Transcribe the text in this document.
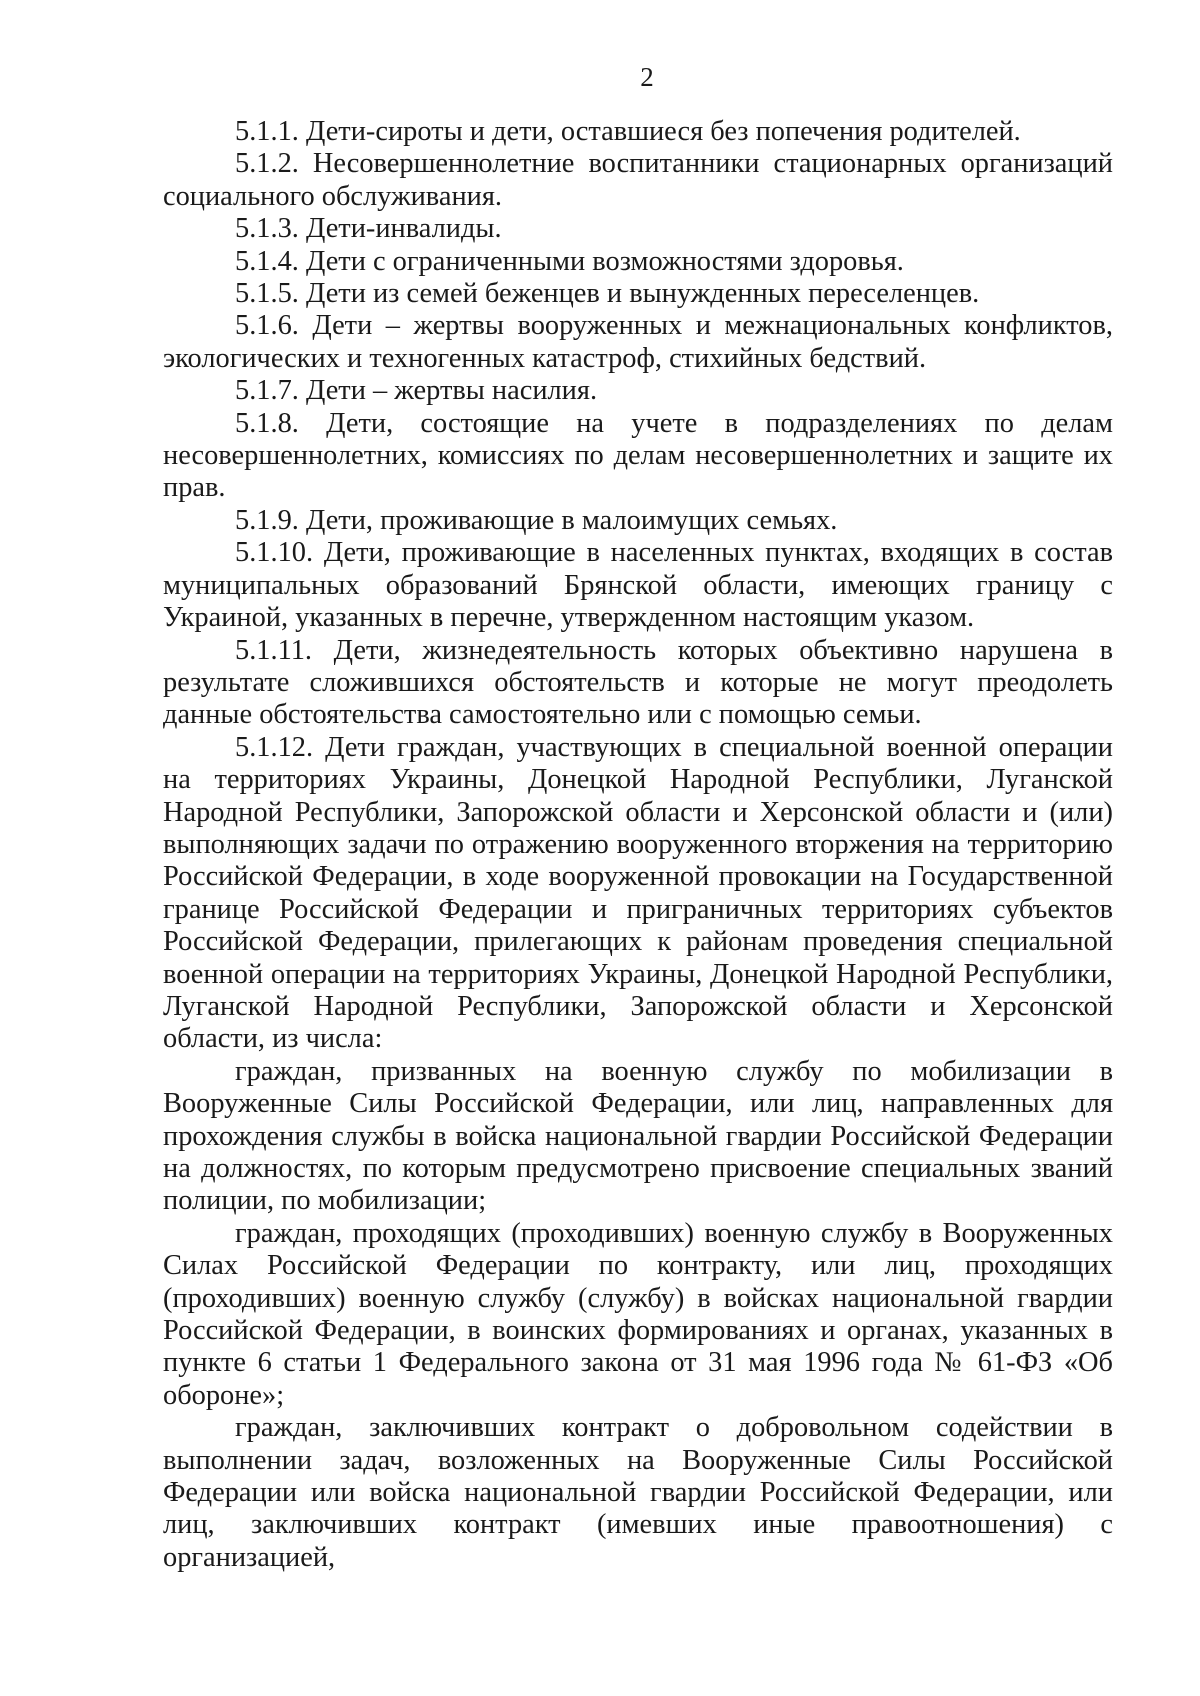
2

5.1.1. Дети-сироты и дети, оставшиеся без попечения родителей.

5.1.2. Несовершеннолетние воспитанники стационарных организаций социального обслуживания.

5.1.3. Дети-инвалиды.

5.1.4. Дети с ограниченными возможностями здоровья.

5.1.5. Дети из семей беженцев и вынужденных переселенцев.

5.1.6. Дети – жертвы вооруженных и межнациональных конфликтов, экологических и техногенных катастроф, стихийных бедствий.

5.1.7. Дети – жертвы насилия.

5.1.8. Дети, состоящие на учете в подразделениях по делам несовершеннолетних, комиссиях по делам несовершеннолетних и защите их прав.

5.1.9. Дети, проживающие в малоимущих семьях.

5.1.10. Дети, проживающие в населенных пунктах, входящих в состав муниципальных образований Брянской области, имеющих границу с Украиной, указанных в перечне, утвержденном настоящим указом.

5.1.11. Дети, жизнедеятельность которых объективно нарушена в результате сложившихся обстоятельств и которые не могут преодолеть данные обстоятельства самостоятельно или с помощью семьи.

5.1.12. Дети граждан, участвующих в специальной военной операции на территориях Украины, Донецкой Народной Республики, Луганской Народной Республики, Запорожской области и Херсонской области и (или) выполняющих задачи по отражению вооруженного вторжения на территорию Российской Федерации, в ходе вооруженной провокации на Государственной границе Российской Федерации и приграничных территориях субъектов Российской Федерации, прилегающих к районам проведения специальной военной операции на территориях Украины, Донецкой Народной Республики, Луганской Народной Республики, Запорожской области и Херсонской области, из числа:

граждан, призванных на военную службу по мобилизации в Вооруженные Силы Российской Федерации, или лиц, направленных для прохождения службы в войска национальной гвардии Российской Федерации на должностях, по которым предусмотрено присвоение специальных званий полиции, по мобилизации;

граждан, проходящих (проходивших) военную службу в Вооруженных Силах Российской Федерации по контракту, или лиц, проходящих (проходивших) военную службу (службу) в войсках национальной гвардии Российской Федерации, в воинских формированиях и органах, указанных в пункте 6 статьи 1 Федерального закона от 31 мая 1996 года № 61-ФЗ «Об обороне»;

граждан, заключивших контракт о добровольном содействии в выполнении задач, возложенных на Вооруженные Силы Российской Федерации или войска национальной гвардии Российской Федерации, или лиц, заключивших контракт (имевших иные правоотношения) с организацией,
